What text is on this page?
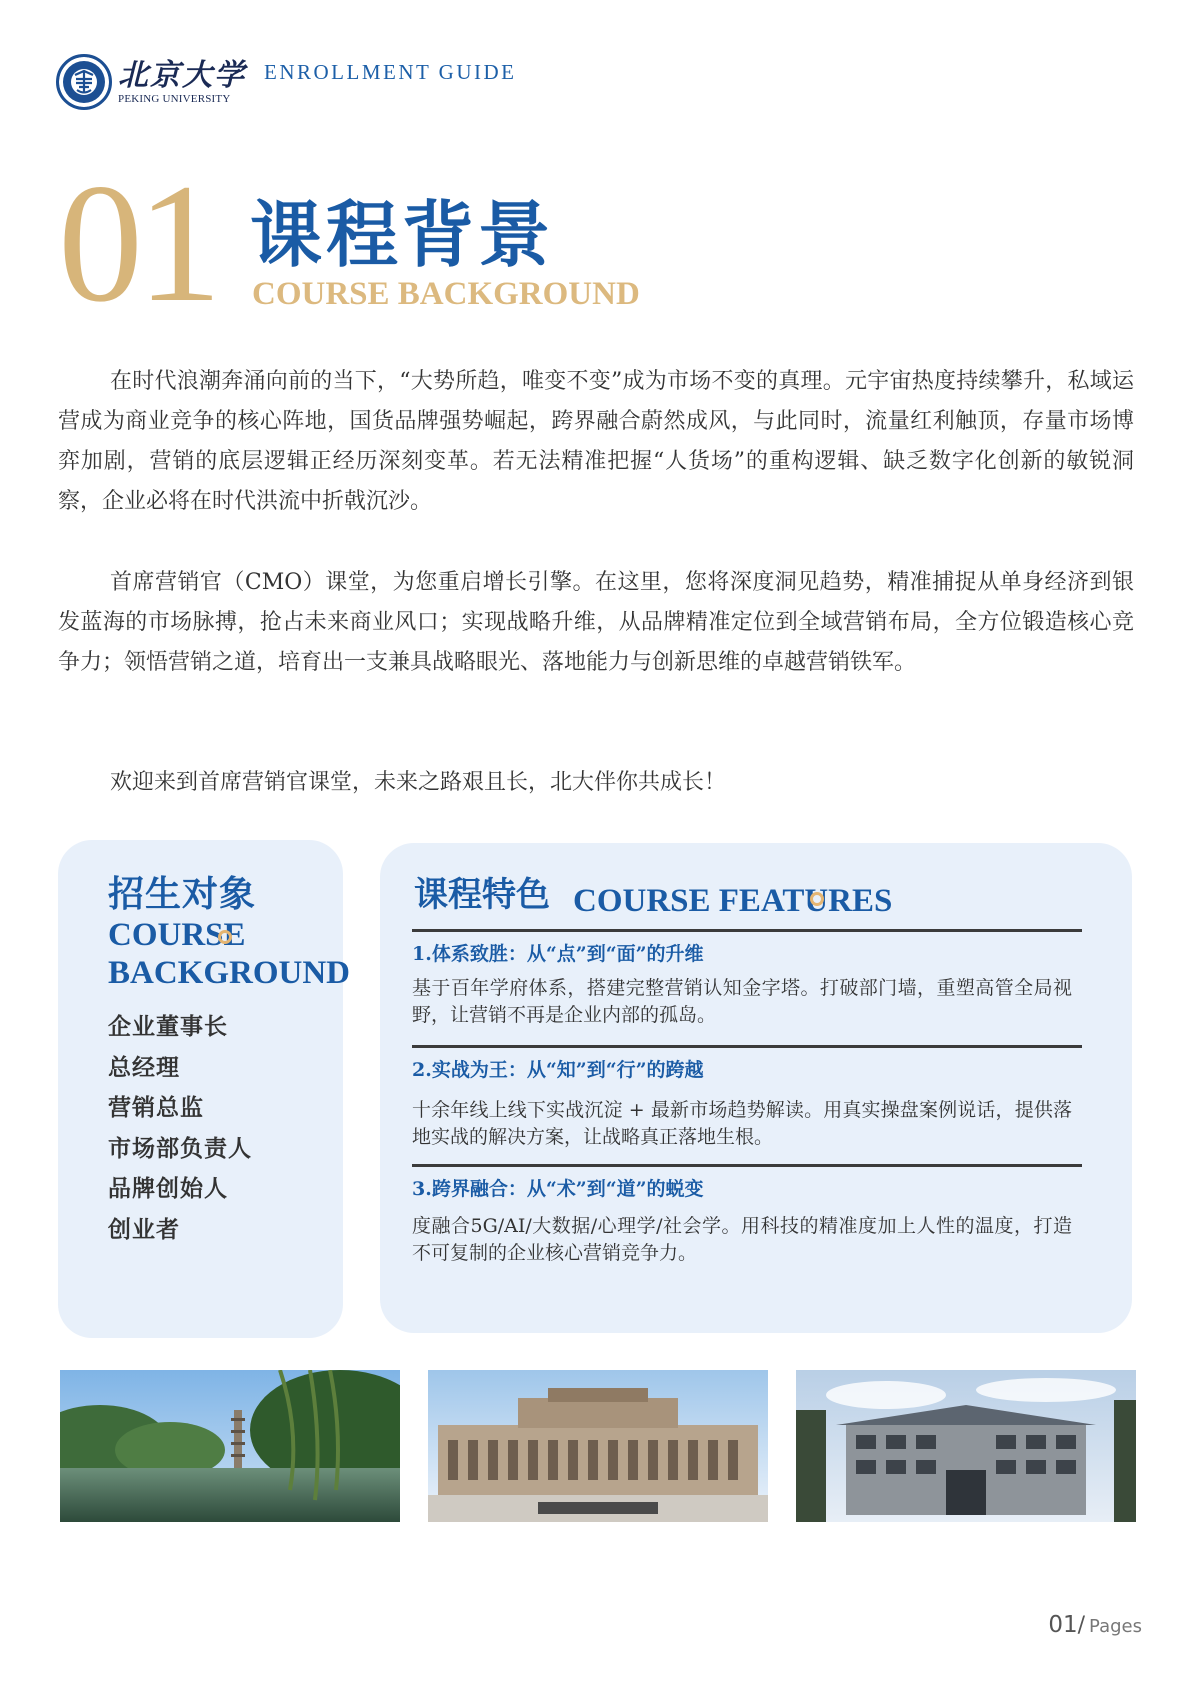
北京大学
PEKING UNIVERSITY
ENROLLMENT GUIDE
01 课程背景
COURSE BACKGROUND

在时代浪潮奔涌向前的当下，“大势所趋，唯变不变”成为市场不变的真理。元宇宙热度持续攀升，私域运营成为商业竞争的核心阵地，国货品牌强势崛起，跨界融合蔚然成风，与此同时，流量红利触顶，存量市场博弈加剧，营销的底层逻辑正经历深刻变革。若无法精准把握“人货场”的重构逻辑、缺乏数字化创新的敏锐洞察，企业必将在时代洪流中折戟沉沙。

首席营销官（CMO）课堂，为您重启增长引擎。在这里，您将深度洞见趋势，精准捕捉从单身经济到银发蓝海的市场脉搏，抢占未来商业风口；实现战略升维，从品牌精准定位到全域营销布局，全方位锻造核心竞争力；领悟营销之道，培育出一支兼具战略眼光、落地能力与创新思维的卓越营销铁军。

欢迎来到首席营销官课堂，未来之路艰且长，北大伴你共成长！

招生对象
COURSE BACKGROUND
企业董事长
总经理
营销总监
市场部负责人
品牌创始人
创业者
课程特色 COURSE FEATURES
1.体系致胜：从“点”到“面”的升维
基于百年学府体系，搭建完整营销认知金字塔。打破部门墙，重塑高管全局视野，让营销不再是企业内部的孤岛。
2.实战为王：从“知”到“行”的跨越
十余年线上线下实战沉淀 + 最新市场趋势解读。用真实操盘案例说话，提供落地实战的解决方案，让战略真正落地生根。
3.跨界融合：从“术”到“道”的蜕变
度融合5G/AI/大数据/心理学/社会学。用科技的精准度加上人性的温度，打造不可复制的企业核心营销竞争力。
01 / Pages
